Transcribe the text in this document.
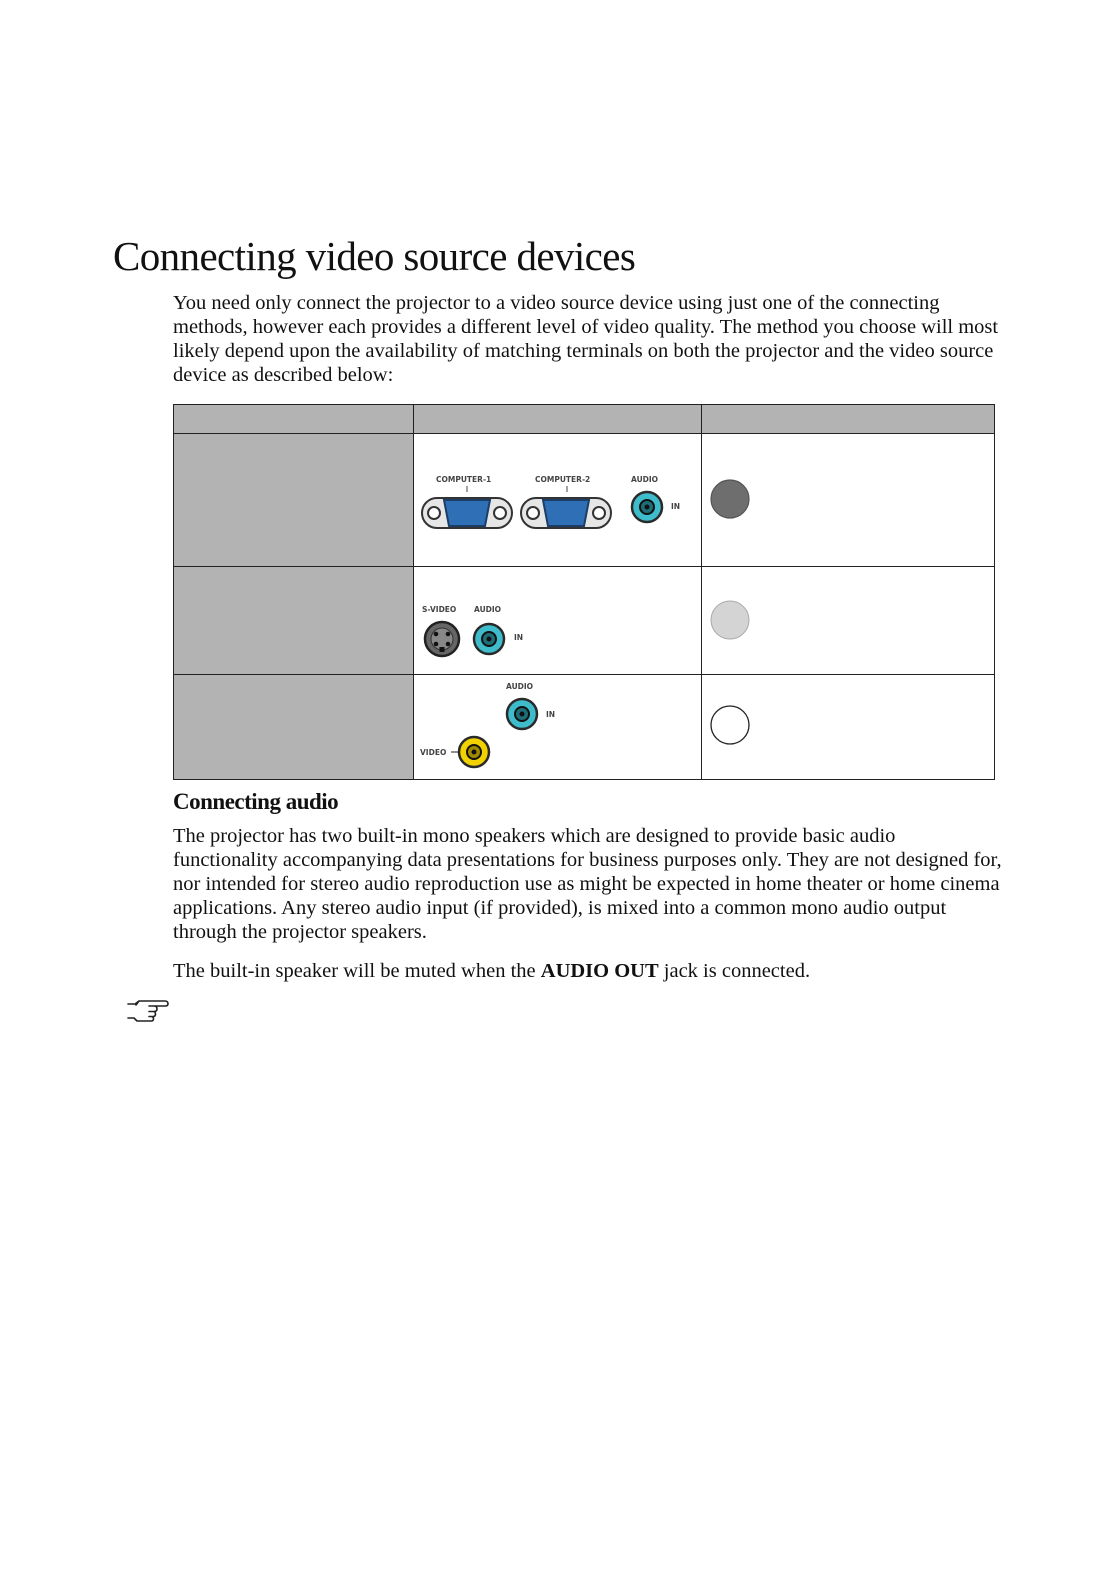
Connecting video source devices

You need only connect the projector to a video source device using just one of the connecting methods, however each provides a different level of video quality. The method you choose will most likely depend upon the availability of matching terminals on both the projector and the video source device as described below:

COMPUTER-1 COMPUTER-2 AUDIO
IN

S-VIDEO AUDIO
IN

AUDIO
IN
VIDEO

Connecting audio

The projector has two built-in mono speakers which are designed to provide basic audio functionality accompanying data presentations for business purposes only. They are not designed for, nor intended for stereo audio reproduction use as might be expected in home theater or home cinema applications. Any stereo audio input (if provided), is mixed into a common mono audio output through the projector speakers.

The built-in speaker will be muted when the AUDIO OUT jack is connected.
